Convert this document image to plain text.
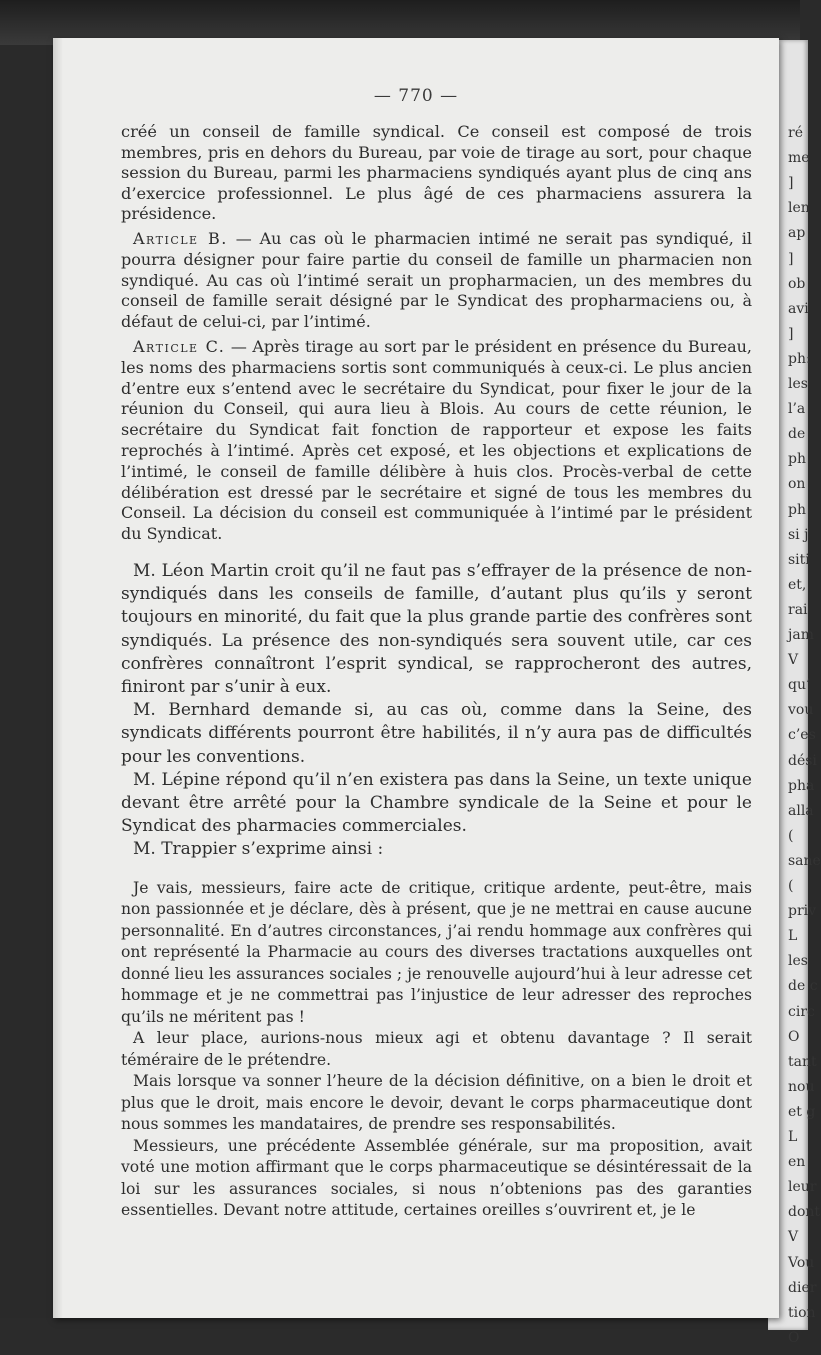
ré
me
]
len
ap
]
ob
avi
]
ph:
les
l’a
de
ph
on
ph
si j
siti
et,
rai
jam
V
qu’
vou
c’es
dési
pha
alla
(
sane
(
priv
L
les
de c
circ
O
tant
nou
et g
L
en
leur
dont
V
Vou
dier
tion
O
— 770 —

créé un conseil de famille syndical. Ce conseil est composé de trois membres, pris en dehors du Bureau, par voie de tirage au sort, pour chaque session du Bureau, parmi les pharmaciens syndiqués ayant plus de cinq ans d’exercice professionnel. Le plus âgé de ces pharmaciens assurera la présidence.

Article B. — Au cas où le pharmacien intimé ne serait pas syndiqué, il pourra désigner pour faire partie du conseil de famille un pharmacien non syndiqué. Au cas où l’intimé serait un propharmacien, un des membres du conseil de famille serait désigné par le Syndicat des propharmaciens ou, à défaut de celui-ci, par l’intimé.

Article C. — Après tirage au sort par le président en présence du Bureau, les noms des pharmaciens sortis sont communiqués à ceux-ci. Le plus ancien d’entre eux s’entend avec le secrétaire du Syndicat, pour fixer le jour de la réunion du Conseil, qui aura lieu à Blois. Au cours de cette réunion, le secrétaire du Syndicat fait fonction de rapporteur et expose les faits reprochés à l’intimé. Après cet exposé, et les objections et explications de l’intimé, le conseil de famille délibère à huis clos. Procès-verbal de cette délibération est dressé par le secrétaire et signé de tous les membres du Conseil. La décision du conseil est communiquée à l’intimé par le président du Syndicat.

M. Léon Martin croit qu’il ne faut pas s’effrayer de la présence de non-syndiqués dans les conseils de famille, d’autant plus qu’ils y seront toujours en minorité, du fait que la plus grande partie des confrères sont syndiqués. La présence des non-syndiqués sera souvent utile, car ces confrères connaîtront l’esprit syndical, se rapprocheront des autres, finiront par s’unir à eux.

M. Bernhard demande si, au cas où, comme dans la Seine, des syndicats différents pourront être habilités, il n’y aura pas de difficultés pour les conventions.

M. Lépine répond qu’il n’en existera pas dans la Seine, un texte unique devant être arrêté pour la Chambre syndicale de la Seine et pour le Syndicat des pharmacies commerciales.

M. Trappier s’exprime ainsi :

Je vais, messieurs, faire acte de critique, critique ardente, peut-être, mais non passionnée et je déclare, dès à présent, que je ne mettrai en cause aucune personnalité. En d’autres circonstances, j’ai rendu hommage aux confrères qui ont représenté la Pharmacie au cours des diverses tractations auxquelles ont donné lieu les assurances sociales ; je renouvelle aujourd’hui à leur adresse cet hommage et je ne commettrai pas l’injustice de leur adresser des reproches qu’ils ne méritent pas !

A leur place, aurions-nous mieux agi et obtenu davantage ? Il serait téméraire de le prétendre.

Mais lorsque va sonner l’heure de la décision définitive, on a bien le droit et plus que le droit, mais encore le devoir, devant le corps pharmaceutique dont nous sommes les mandataires, de prendre ses responsabilités.

Messieurs, une précédente Assemblée générale, sur ma proposition, avait voté une motion affirmant que le corps pharmaceutique se désintéressait de la loi sur les assurances sociales, si nous n’obtenions pas des garanties essentielles. Devant notre attitude, certaines oreilles s’ouvrirent et, je le
